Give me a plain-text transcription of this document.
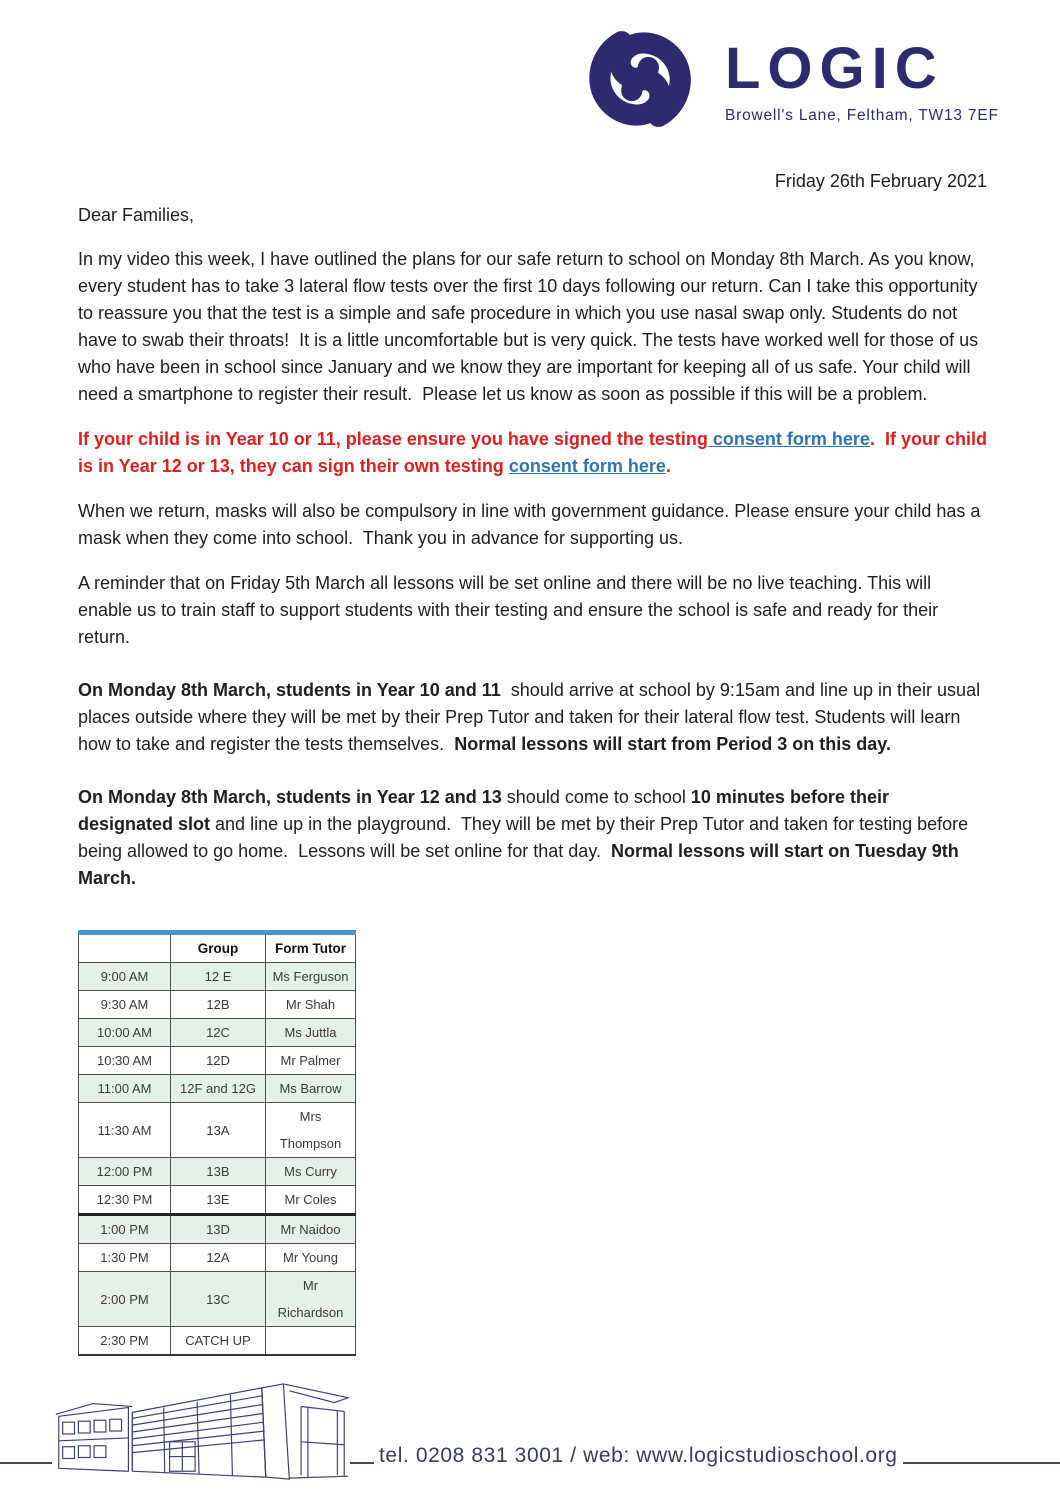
LOGIC
Browell's Lane, Feltham, TW13 7EF
Friday 26th February 2021
Dear Families,

In my video this week, I have outlined the plans for our safe return to school on Monday 8th March. As you know, every student has to take 3 lateral flow tests over the first 10 days following our return. Can I take this opportunity to reassure you that the test is a simple and safe procedure in which you use nasal swap only. Students do not have to swab their throats!  It is a little uncomfortable but is very quick. The tests have worked well for those of us who have been in school since January and we know they are important for keeping all of us safe. Your child will need a smartphone to register their result.  Please let us know as soon as possible if this will be a problem.

If your child is in Year 10 or 11, please ensure you have signed the testing consent form here.  If your child is in Year 12 or 13, they can sign their own testing consent form here.

When we return, masks will also be compulsory in line with government guidance. Please ensure your child has a mask when they come into school.  Thank you in advance for supporting us.

A reminder that on Friday 5th March all lessons will be set online and there will be no live teaching. This will enable us to train staff to support students with their testing and ensure the school is safe and ready for their return.

On Monday 8th March, students in Year 10 and 11  should arrive at school by 9:15am and line up in their usual places outside where they will be met by their Prep Tutor and taken for their lateral flow test. Students will learn how to take and register the tests themselves.  Normal lessons will start from Period 3 on this day.

On Monday 8th March, students in Year 12 and 13 should come to school 10 minutes before their designated slot and line up in the playground.  They will be met by their Prep Tutor and taken for testing before being allowed to go home.  Lessons will be set online for that day.  Normal lessons will start on Tuesday 9th March.

	Group	Form Tutor
9:00 AM	12 E	Ms Ferguson
9:30 AM	12B	Mr Shah
10:00 AM	12C	Ms Juttla
10:30 AM	12D	Mr Palmer
11:00 AM	12F and 12G	Ms Barrow
11:30 AM	13A	Mrs Thompson
12:00 PM	13B	Ms Curry
12:30 PM	13E	Mr Coles
1:00 PM	13D	Mr Naidoo
1:30 PM	12A	Mr Young
2:00 PM	13C	Mr Richardson
2:30 PM	CATCH UP	
tel. 0208 831 3001 / web: www.logicstudioschool.org
